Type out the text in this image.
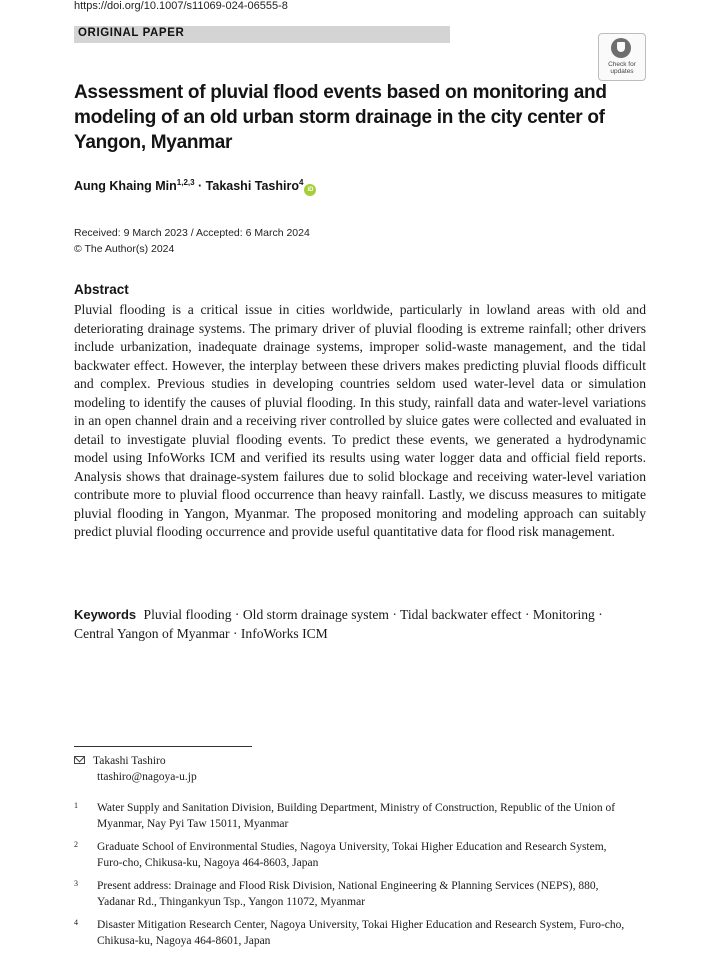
https://doi.org/10.1007/s11069-024-06555-8
ORIGINAL PAPER
Check for updates
Assessment of pluvial flood events based on monitoring and modeling of an old urban storm drainage in the city center of Yangon, Myanmar
Aung Khaing Min$^{1,2,3}$ · Takashi Tashiro$^4$iD
Received: 9 March 2023 / Accepted: 6 March 2024
© The Author(s) 2024
Abstract

Pluvial flooding is a critical issue in cities worldwide, particularly in lowland areas with old and deteriorating drainage systems. The primary driver of pluvial flooding is extreme rainfall; other drivers include urbanization, inadequate drainage systems, improper solid-waste management, and the tidal backwater effect. However, the interplay between these drivers makes predicting pluvial floods difficult and complex. Previous studies in developing countries seldom used water-level data or simulation modeling to identify the causes of pluvial flooding. In this study, rainfall data and water-level variations in an open channel drain and a receiving river controlled by sluice gates were collected and evaluated in detail to investigate pluvial flooding events. To predict these events, we generated a hydrodynamic model using InfoWorks ICM and verified its results using water logger data and official field reports. Analysis shows that drainage-system failures due to solid blockage and receiving water-level variation contribute more to pluvial flood occurrence than heavy rainfall. Lastly, we discuss measures to mitigate pluvial flooding in Yangon, Myanmar. The proposed monitoring and modeling approach can suitably predict pluvial flooding occurrence and provide useful quantitative data for flood risk management.

Keywords Pluvial flooding · Old storm drainage system · Tidal backwater effect · Monitoring · Central Yangon of Myanmar · InfoWorks ICM
Takashi Tashiro
ttashiro@nagoya-u.jp
1 Water Supply and Sanitation Division, Building Department, Ministry of Construction, Republic of the Union of Myanmar, Nay Pyi Taw 15011, Myanmar
2 Graduate School of Environmental Studies, Nagoya University, Tokai Higher Education and Research System, Furo-cho, Chikusa-ku, Nagoya 464-8603, Japan
3 Present address: Drainage and Flood Risk Division, National Engineering & Planning Services (NEPS), 880, Yadanar Rd., Thingankyun Tsp., Yangon 11072, Myanmar
4 Disaster Mitigation Research Center, Nagoya University, Tokai Higher Education and Research System, Furo-cho, Chikusa-ku, Nagoya 464-8601, Japan
